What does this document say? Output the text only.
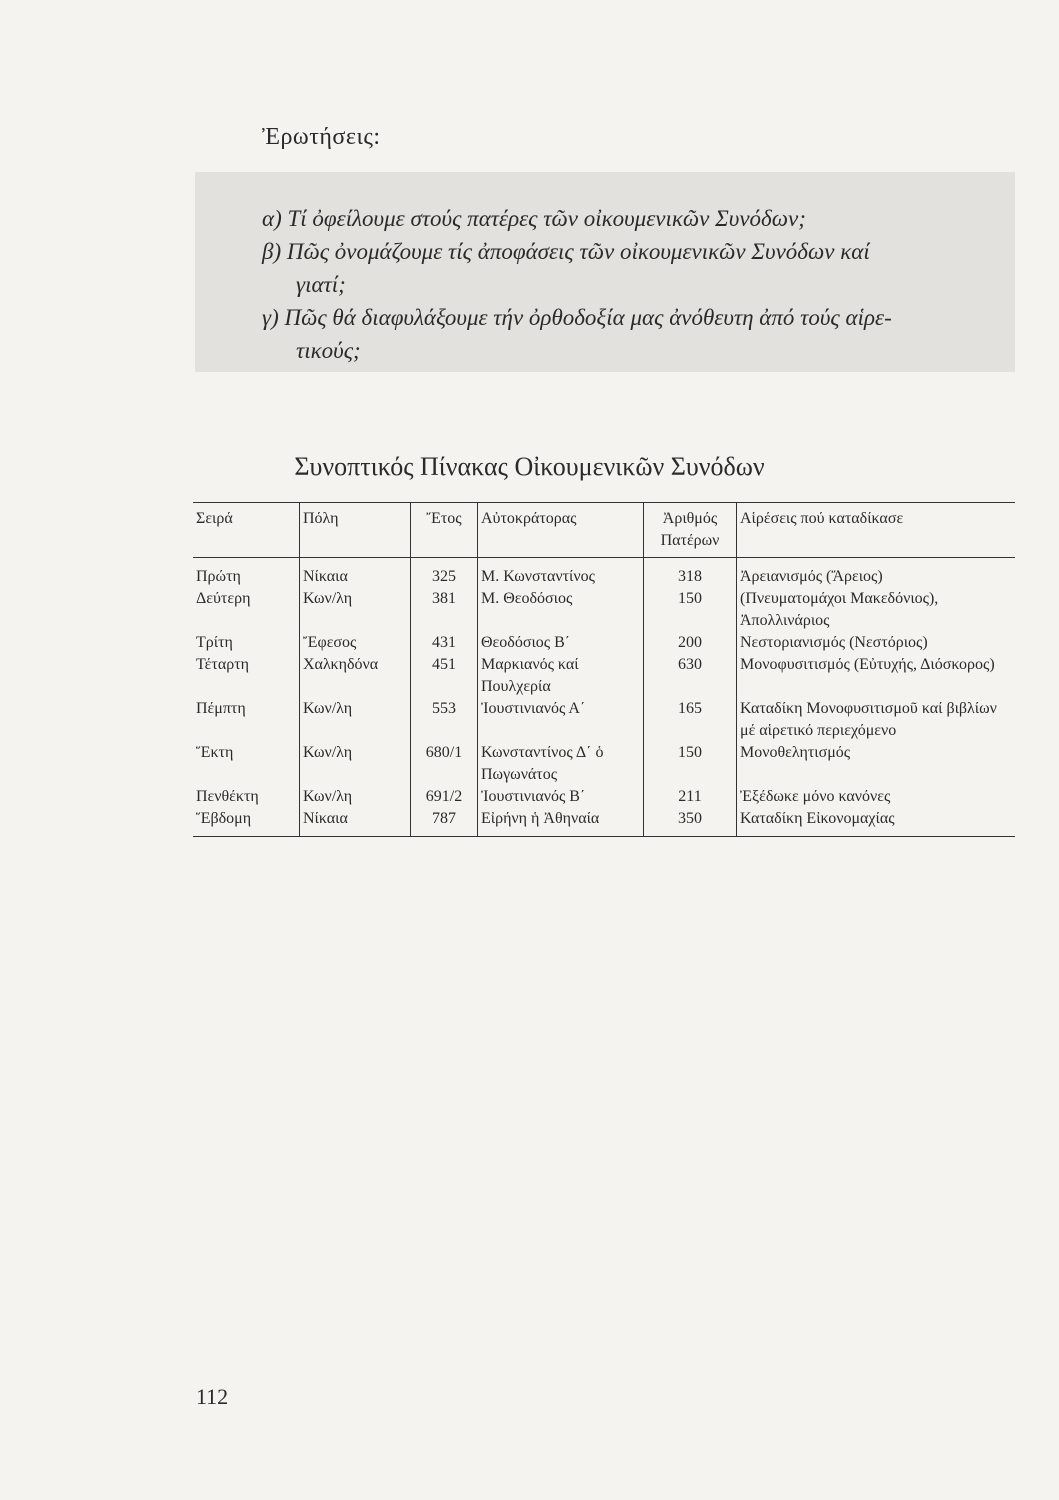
Ἐρωτήσεις:
α) Τί ὀφείλουμε στούς πατέρες τῶν οἰκουμενικῶν Συνόδων;
β) Πῶς ὀνομάζουμε τίς ἀποφάσεις τῶν οἰκουμενικῶν Συνόδων καί
γιατί;
γ) Πῶς θά διαφυλάξουμε τήν ὀρθοδοξία μας ἀνόθευτη ἀπό τούς αἱρε-
τικούς;
Συνοπτικός Πίνακας Οἰκουμενικῶν Συνόδων
Σειρά	Πόλη	Ἔτος	Αὐτοκράτορας	Ἀριθμός Πατέρων	Αἱρέσεις πού καταδίκασε
Πρώτη	Νίκαια	325	Μ. Κωνσταντίνος	318	Ἀρειανισμός (Ἄρειος)
Δεύτερη	Κων/λη	381	Μ. Θεοδόσιος	150	(Πνευματομάχοι Μακεδόνιος), Ἀπολλινάριος
Τρίτη	Ἔφεσος	431	Θεοδόσιος Β΄	200	Νεστοριανισμός (Νεστόριος)
Τέταρτη	Χαλκηδόνα	451	Μαρκιανός καί Πουλχερία	630	Μονοφυσιτισμός (Εὐτυχής, Διόσκορος)
Πέμπτη	Κων/λη	553	Ἰουστινιανός Α΄	165	Καταδίκη Μονοφυσιτισμοῦ καί βιβλίων μέ αἱρετικό περιεχόμενο
Ἕκτη	Κων/λη	680/1	Κωνσταντίνος Δ΄ ὁ Πωγωνάτος	150	Μονοθελητισμός
Πενθέκτη	Κων/λη	691/2	Ἰουστινιανός Β΄	211	Ἐξέδωκε μόνο κανόνες
Ἕβδομη	Νίκαια	787	Εἰρήνη ἡ Ἀθηναία	350	Καταδίκη Εἰκονομαχίας
112
